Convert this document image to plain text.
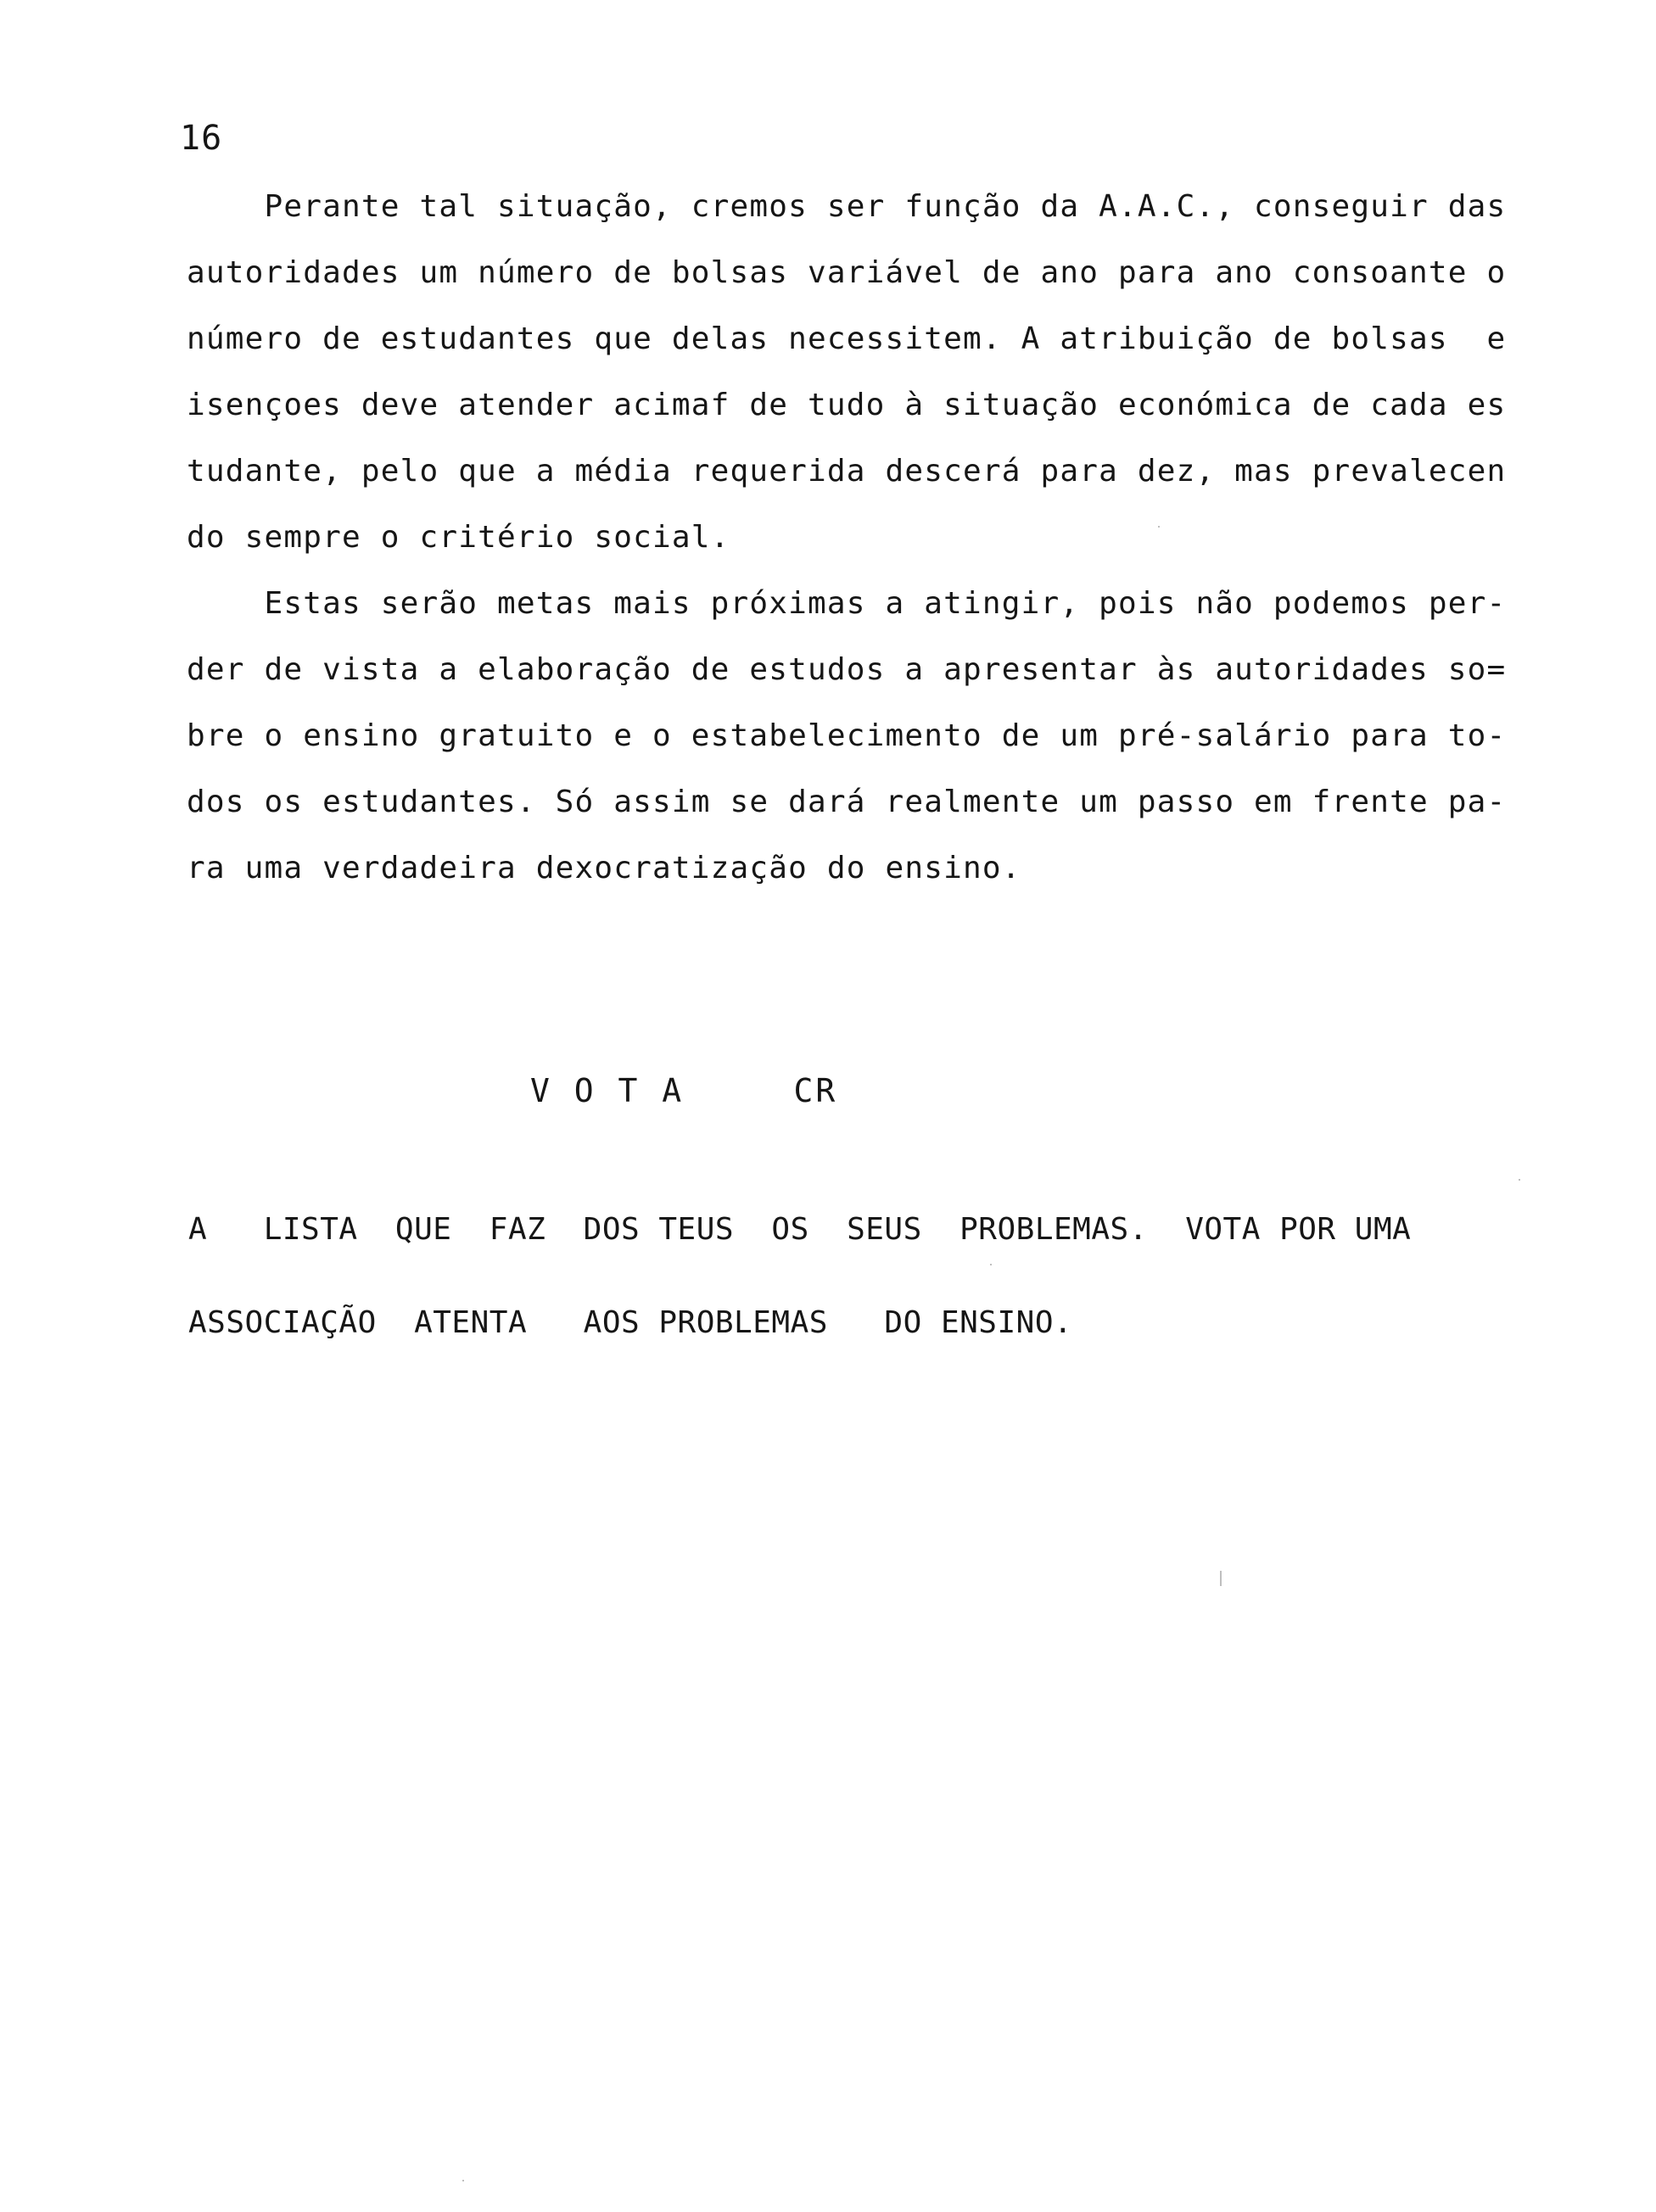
16
Perante tal situação, cremos ser função da A.A.C., conseguir das
autoridades um número de bolsas variável de ano para ano consoante o
número de estudantes que delas necessitem. A atribuição de bolsas  e
isençoes deve atender acimaf de tudo à situação económica de cada es
tudante, pelo que a média requerida descerá para dez, mas prevalecen
do sempre o critério social.
Estas serão metas mais próximas a atingir, pois não podemos per-
der de vista a elaboração de estudos a apresentar às autoridades so=
bre o ensino gratuito e o estabelecimento de um pré-salário para to-
dos os estudantes. Só assim se dará realmente um passo em frente pa-
ra uma verdadeira dexocratização do ensino.
V O T A     CR
A   LISTA  QUE  FAZ  DOS TEUS  OS  SEUS  PROBLEMAS.  VOTA POR UMA
ASSOCIAÇÃO  ATENTA   AOS PROBLEMAS   DO ENSINO.
